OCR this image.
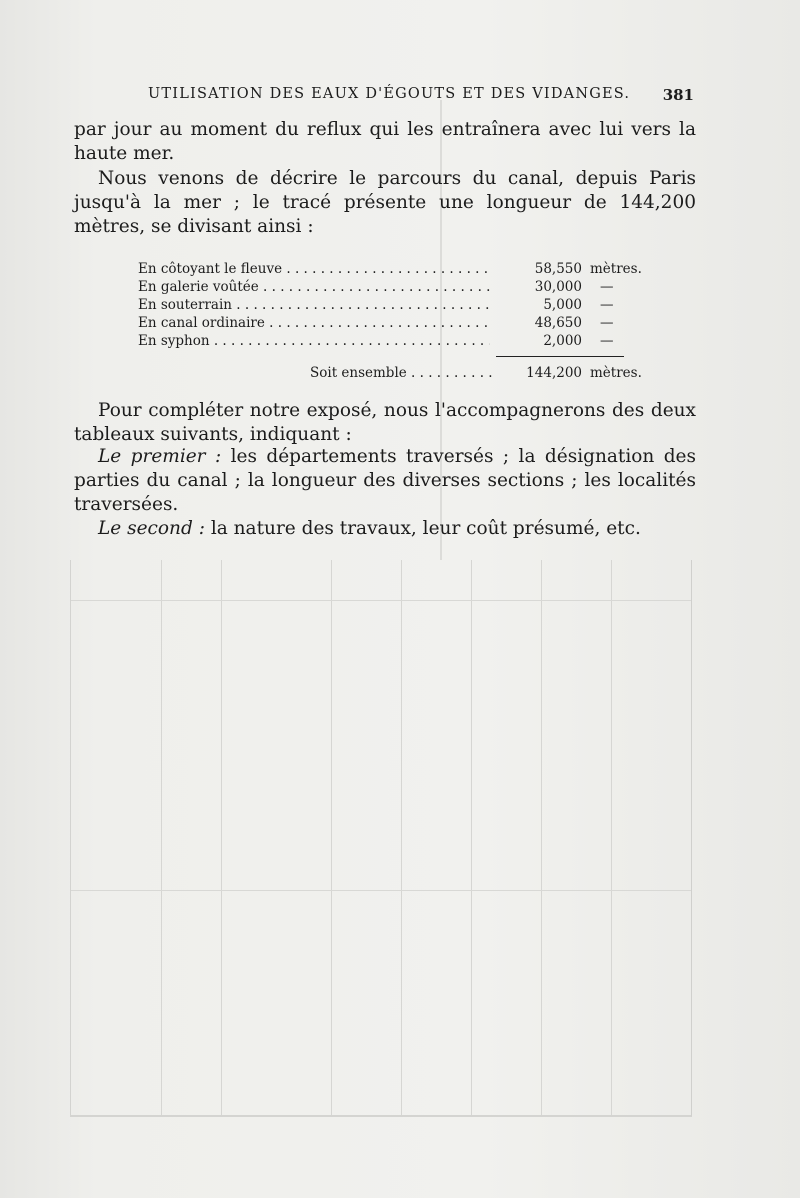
UTILISATION DES EAUX D'ÉGOUTS ET DES VIDANGES. 381
par jour au moment du reflux qui les entraînera avec lui vers la
haute mer.
Nous venons de décrire le parcours du canal, depuis Paris jusqu'à la mer ; le tracé présente une longueur de 144,200 mètres, se divisant ainsi :
En côtoyant le fleuve . . .	58,550 mètres.
En galerie voûtée . . .	30,000 —
En souterrain . . .	5,000 —
En canal ordinaire . . .	48,650 —
En syphon . . .	2,000 —
Soit ensemble . . .	144,200 mètres.
Pour compléter notre exposé, nous l'accompagnerons des deux tableaux suivants, indiquant :
Le premier : les départements traversés ; la désignation des parties du canal ; la longueur des diverses sections ; les localités traversées.
Le second : la nature des travaux, leur coût présumé, etc.
